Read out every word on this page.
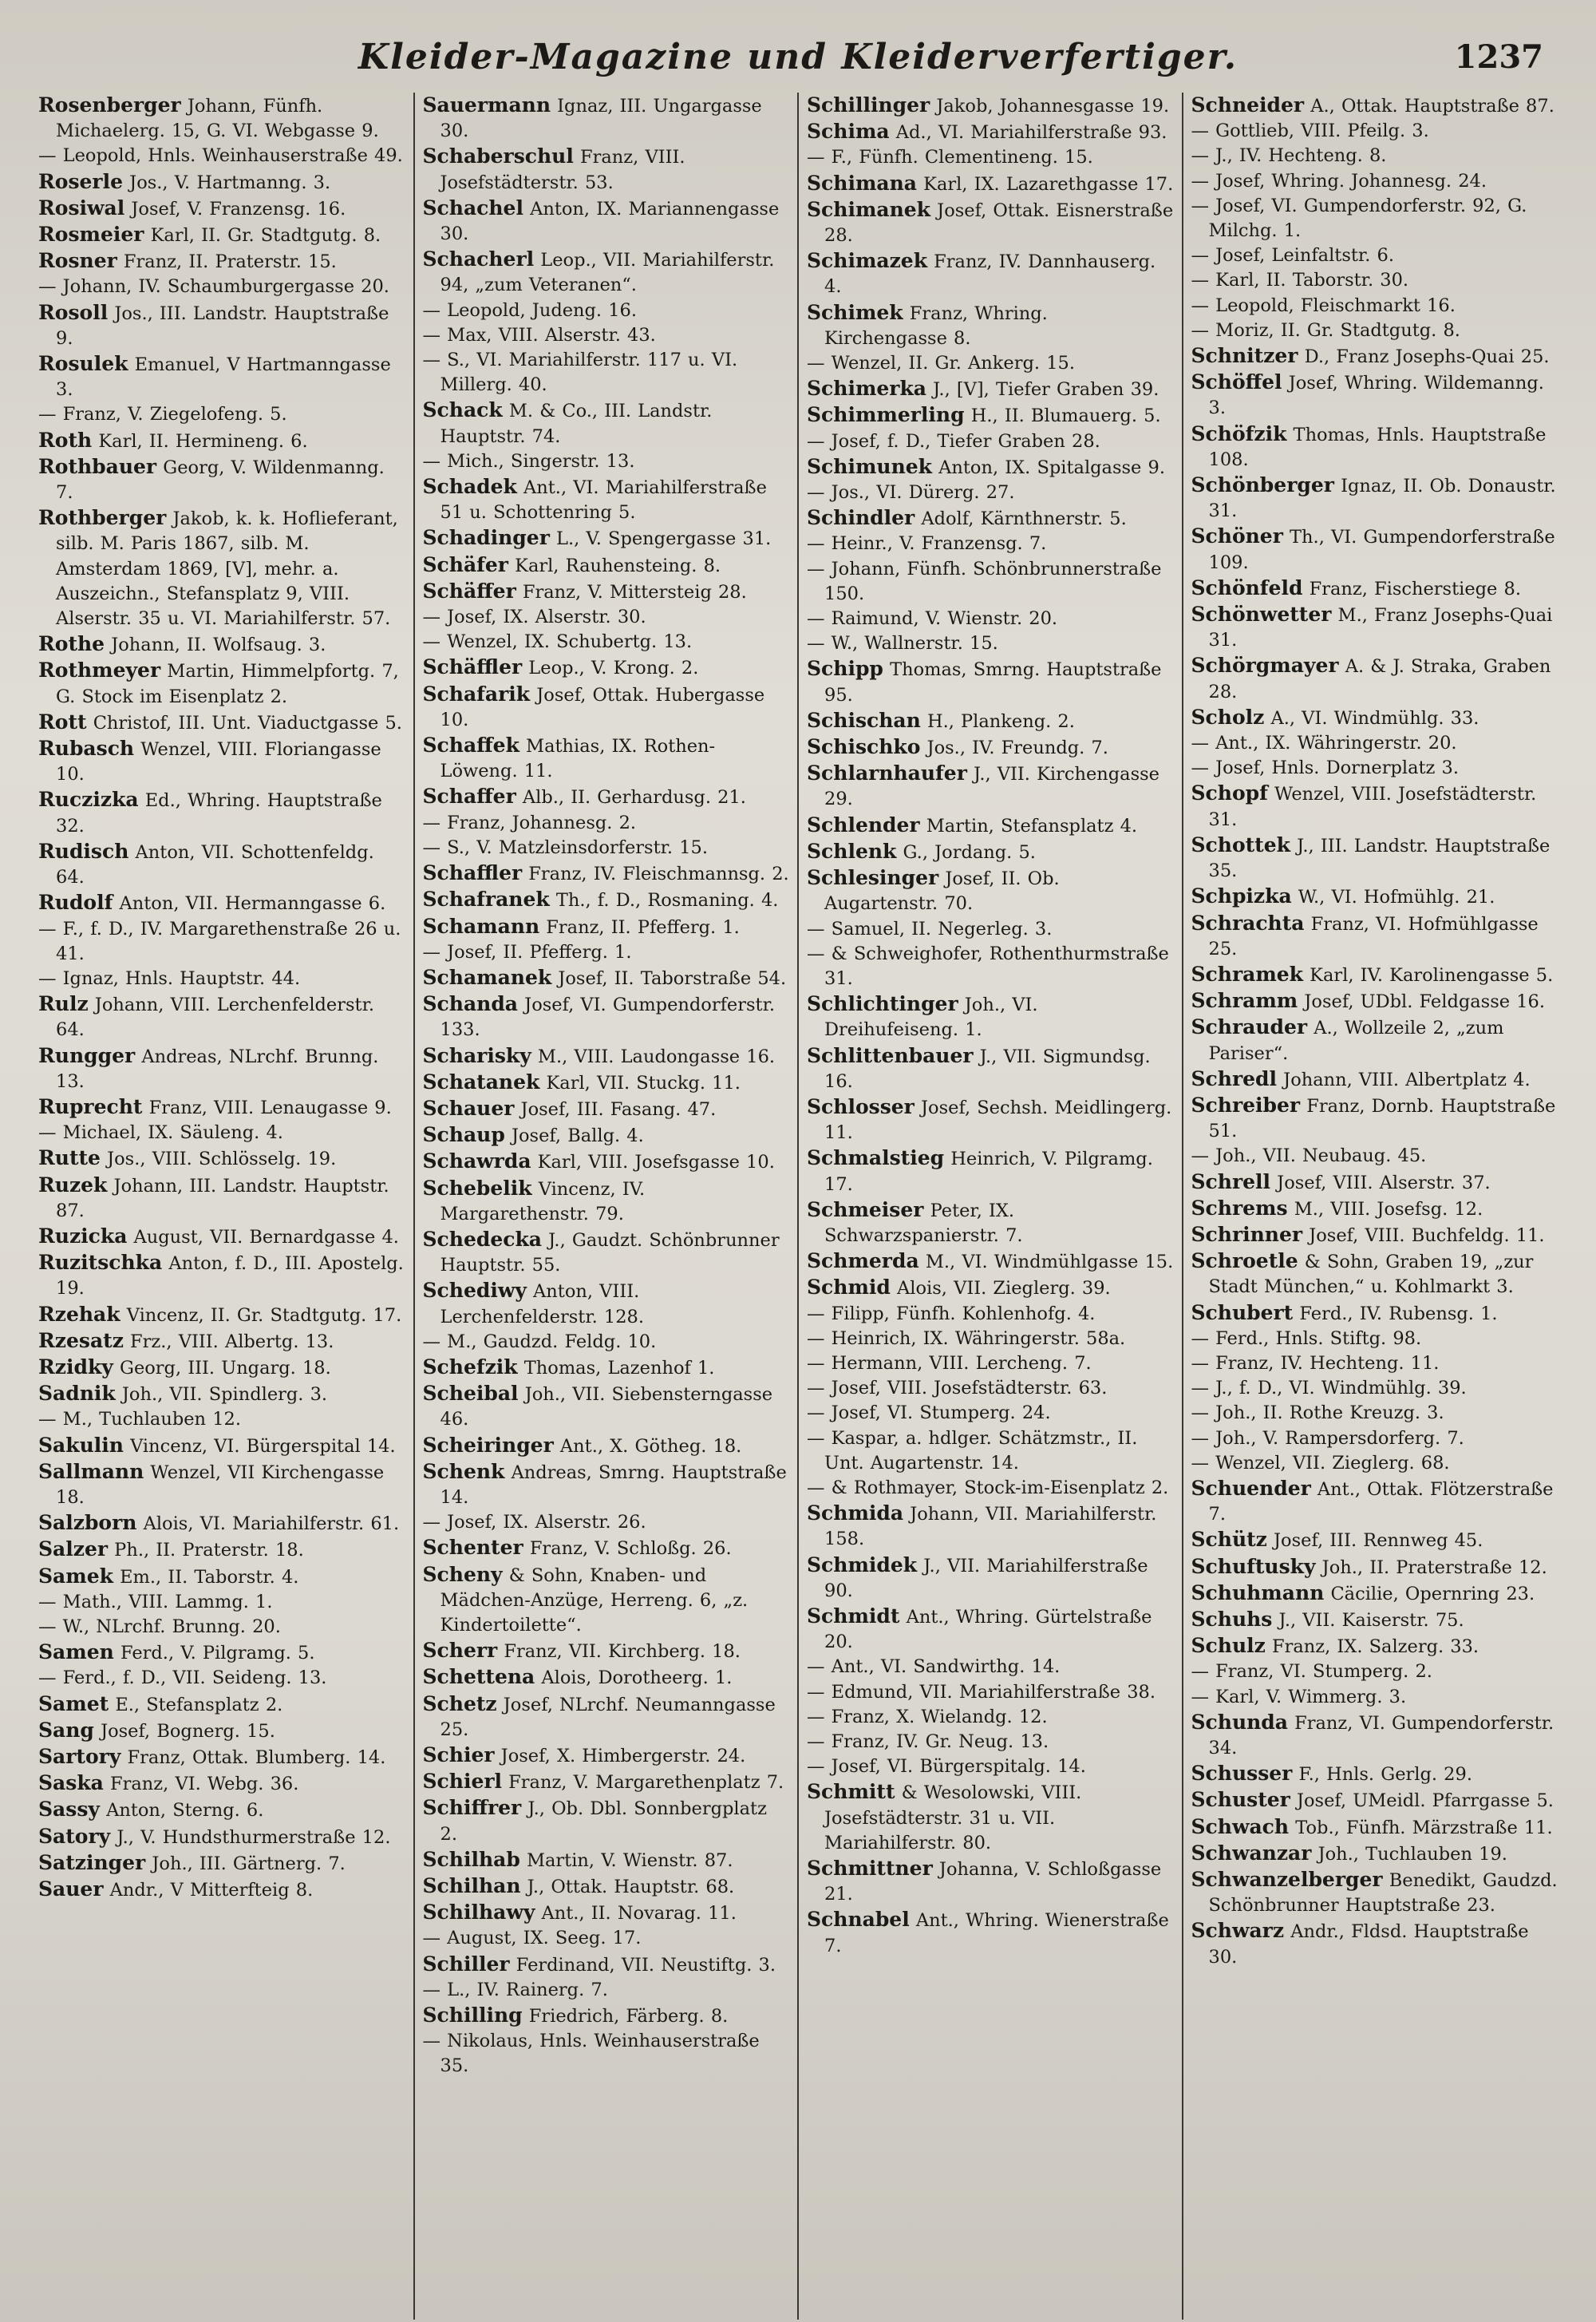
Kleider-Magazine und Kleiderverfertiger.	1237

Rosenberger Johann, Fünfh. Michaelerg. 15, G. VI. Webgasse 9.

— Leopold, Hnls. Weinhauserstraße 49.

Roserle Jos., V. Hartmanng. 3.

Rosiwal Josef, V. Franzensg. 16.

Rosmeier Karl, II. Gr. Stadtgutg. 8.

Rosner Franz, II. Praterstr. 15.

— Johann, IV. Schaumburgergasse 20.

Rosoll Jos., III. Landstr. Hauptstraße 9.

Rosulek Emanuel, V Hartmanngasse 3.

— Franz, V. Ziegelofeng. 5.

Roth Karl, II. Hermineng. 6.

Rothbauer Georg, V. Wildenmanng. 7.

Rothberger Jakob, k. k. Hoflieferant, silb. M. Paris 1867, silb. M. Amsterdam 1869, [V], mehr. a. Auszeichn., Stefansplatz 9, VIII. Alserstr. 35 u. VI. Mariahilferstr. 57.

Rothe Johann, II. Wolfsaug. 3.

Rothmeyer Martin, Himmelpfortg. 7, G. Stock im Eisenplatz 2.

Rott Christof, III. Unt. Viaductgasse 5.

Rubasch Wenzel, VIII. Floriangasse 10.

Ruczizka Ed., Whring. Hauptstraße 32.

Rudisch Anton, VII. Schottenfeldg. 64.

Rudolf Anton, VII. Hermanngasse 6.

— F., f. D., IV. Margarethenstraße 26 u. 41.

— Ignaz, Hnls. Hauptstr. 44.

Rulz Johann, VIII. Lerchenfelderstr. 64.

Rungger Andreas, NLrchf. Brunng. 13.

Ruprecht Franz, VIII. Lenaugasse 9.

— Michael, IX. Säuleng. 4.

Rutte Jos., VIII. Schlösselg. 19.

Ruzek Johann, III. Landstr. Hauptstr. 87.

Ruzicka August, VII. Bernardgasse 4.

Ruzitschka Anton, f. D., III. Apostelg. 19.

Rzehak Vincenz, II. Gr. Stadtgutg. 17.

Rzesatz Frz., VIII. Albertg. 13.

Rzidky Georg, III. Ungarg. 18.

Sadnik Joh., VII. Spindlerg. 3.

— M., Tuchlauben 12.

Sakulin Vincenz, VI. Bürgerspital 14.

Sallmann Wenzel, VII Kirchengasse 18.

Salzborn Alois, VI. Mariahilferstr. 61.

Salzer Ph., II. Praterstr. 18.

Samek Em., II. Taborstr. 4.

— Math., VIII. Lammg. 1.

— W., NLrchf. Brunng. 20.

Samen Ferd., V. Pilgramg. 5.

— Ferd., f. D., VII. Seideng. 13.

Samet E., Stefansplatz 2.

Sang Josef, Bognerg. 15.

Sartory Franz, Ottak. Blumberg. 14.

Saska Franz, VI. Webg. 36.

Sassy Anton, Sterng. 6.

Satory J., V. Hundsthurmerstraße 12.

Satzinger Joh., III. Gärtnerg. 7.

Sauer Andr., V Mitterfteig 8.

Sauermann Ignaz, III. Ungargasse 30.

Schaberschul Franz, VIII. Josefstädterstr. 53.

Schachel Anton, IX. Mariannengasse 30.

Schacherl Leop., VII. Mariahilferstr. 94, „zum Veteranen“.

— Leopold, Judeng. 16.

— Max, VIII. Alserstr. 43.

— S., VI. Mariahilferstr. 117 u. VI. Millerg. 40.

Schack M. & Co., III. Landstr. Hauptstr. 74.

— Mich., Singerstr. 13.

Schadek Ant., VI. Mariahilferstraße 51 u. Schottenring 5.

Schadinger L., V. Spengergasse 31.

Schäfer Karl, Rauhensteing. 8.

Schäffer Franz, V. Mittersteig 28.

— Josef, IX. Alserstr. 30.

— Wenzel, IX. Schubertg. 13.

Schäffler Leop., V. Krong. 2.

Schafarik Josef, Ottak. Hubergasse 10.

Schaffek Mathias, IX. Rothen-Löweng. 11.

Schaffer Alb., II. Gerhardusg. 21.

— Franz, Johannesg. 2.

— S., V. Matzleinsdorferstr. 15.

Schaffler Franz, IV. Fleischmannsg. 2.

Schafranek Th., f. D., Rosmaning. 4.

Schamann Franz, II. Pfefferg. 1.

— Josef, II. Pfefferg. 1.

Schamanek Josef, II. Taborstraße 54.

Schanda Josef, VI. Gumpendorferstr. 133.

Scharisky M., VIII. Laudongasse 16.

Schatanek Karl, VII. Stuckg. 11.

Schauer Josef, III. Fasang. 47.

Schaup Josef, Ballg. 4.

Schawrda Karl, VIII. Josefsgasse 10.

Schebelik Vincenz, IV. Margarethenstr. 79.

Schedecka J., Gaudzt. Schönbrunner Hauptstr. 55.

Schediwy Anton, VIII. Lerchenfelderstr. 128.

— M., Gaudzd. Feldg. 10.

Schefzik Thomas, Lazenhof 1.

Scheibal Joh., VII. Siebensterngasse 46.

Scheiringer Ant., X. Götheg. 18.

Schenk Andreas, Smrng. Hauptstraße 14.

— Josef, IX. Alserstr. 26.

Schenter Franz, V. Schloßg. 26.

Scheny & Sohn, Knaben- und Mädchen-Anzüge, Herreng. 6, „z. Kindertoilette“.

Scherr Franz, VII. Kirchberg. 18.

Schettena Alois, Dorotheerg. 1.

Schetz Josef, NLrchf. Neumanngasse 25.

Schier Josef, X. Himbergerstr. 24.

Schierl Franz, V. Margarethenplatz 7.

Schiffrer J., Ob. Dbl. Sonnbergplatz 2.

Schilhab Martin, V. Wienstr. 87.

Schilhan J., Ottak. Hauptstr. 68.

Schilhawy Ant., II. Novarag. 11.

— August, IX. Seeg. 17.

Schiller Ferdinand, VII. Neustiftg. 3.

— L., IV. Rainerg. 7.

Schilling Friedrich, Färberg. 8.

— Nikolaus, Hnls. Weinhauserstraße 35.

Schillinger Jakob, Johannesgasse 19.

Schima Ad., VI. Mariahilferstraße 93.

— F., Fünfh. Clementineng. 15.

Schimana Karl, IX. Lazarethgasse 17.

Schimanek Josef, Ottak. Eisnerstraße 28.

Schimazek Franz, IV. Dannhauserg. 4.

Schimek Franz, Whring. Kirchengasse 8.

— Wenzel, II. Gr. Ankerg. 15.

Schimerka J., [V], Tiefer Graben 39.

Schimmerling H., II. Blumauerg. 5.

— Josef, f. D., Tiefer Graben 28.

Schimunek Anton, IX. Spitalgasse 9.

— Jos., VI. Dürerg. 27.

Schindler Adolf, Kärnthnerstr. 5.

— Heinr., V. Franzensg. 7.

— Johann, Fünfh. Schönbrunnerstraße 150.

— Raimund, V. Wienstr. 20.

— W., Wallnerstr. 15.

Schipp Thomas, Smrng. Hauptstraße 95.

Schischan H., Plankeng. 2.

Schischko Jos., IV. Freundg. 7.

Schlarnhaufer J., VII. Kirchengasse 29.

Schlender Martin, Stefansplatz 4.

Schlenk G., Jordang. 5.

Schlesinger Josef, II. Ob. Augartenstr. 70.

— Samuel, II. Negerleg. 3.

— & Schweighofer, Rothenthurmstraße 31.

Schlichtinger Joh., VI. Dreihufeiseng. 1.

Schlittenbauer J., VII. Sigmundsg. 16.

Schlosser Josef, Sechsh. Meidlingerg. 11.

Schmalstieg Heinrich, V. Pilgramg. 17.

Schmeiser Peter, IX. Schwarzspanierstr. 7.

Schmerda M., VI. Windmühlgasse 15.

Schmid Alois, VII. Zieglerg. 39.

— Filipp, Fünfh. Kohlenhofg. 4.

— Heinrich, IX. Währingerstr. 58a.

— Hermann, VIII. Lercheng. 7.

— Josef, VIII. Josefstädterstr. 63.

— Josef, VI. Stumperg. 24.

— Kaspar, a. hdlger. Schätzmstr., II. Unt. Augartenstr. 14.

— & Rothmayer, Stock-im-Eisenplatz 2.

Schmida Johann, VII. Mariahilferstr. 158.

Schmidek J., VII. Mariahilferstraße 90.

Schmidt Ant., Whring. Gürtelstraße 20.

— Ant., VI. Sandwirthg. 14.

— Edmund, VII. Mariahilferstraße 38.

— Franz, X. Wielandg. 12.

— Franz, IV. Gr. Neug. 13.

— Josef, VI. Bürgerspitalg. 14.

Schmitt & Wesolowski, VIII. Josefstädterstr. 31 u. VII. Mariahilferstr. 80.

Schmittner Johanna, V. Schloßgasse 21.

Schnabel Ant., Whring. Wienerstraße 7.

Schneider A., Ottak. Hauptstraße 87.

— Gottlieb, VIII. Pfeilg. 3.

— J., IV. Hechteng. 8.

— Josef, Whring. Johannesg. 24.

— Josef, VI. Gumpendorferstr. 92, G. Milchg. 1.

— Josef, Leinfaltstr. 6.

— Karl, II. Taborstr. 30.

— Leopold, Fleischmarkt 16.

— Moriz, II. Gr. Stadtgutg. 8.

Schnitzer D., Franz Josephs-Quai 25.

Schöffel Josef, Whring. Wildemanng. 3.

Schöfzik Thomas, Hnls. Hauptstraße 108.

Schönberger Ignaz, II. Ob. Donaustr. 31.

Schöner Th., VI. Gumpendorferstraße 109.

Schönfeld Franz, Fischerstiege 8.

Schönwetter M., Franz Josephs-Quai 31.

Schörgmayer A. & J. Straka, Graben 28.

Scholz A., VI. Windmühlg. 33.

— Ant., IX. Währingerstr. 20.

— Josef, Hnls. Dornerplatz 3.

Schopf Wenzel, VIII. Josefstädterstr. 31.

Schottek J., III. Landstr. Hauptstraße 35.

Schpizka W., VI. Hofmühlg. 21.

Schrachta Franz, VI. Hofmühlgasse 25.

Schramek Karl, IV. Karolinengasse 5.

Schramm Josef, UDbl. Feldgasse 16.

Schrauder A., Wollzeile 2, „zum Pariser“.

Schredl Johann, VIII. Albertplatz 4.

Schreiber Franz, Dornb. Hauptstraße 51.

— Joh., VII. Neubaug. 45.

Schrell Josef, VIII. Alserstr. 37.

Schrems M., VIII. Josefsg. 12.

Schrinner Josef, VIII. Buchfeldg. 11.

Schroetle & Sohn, Graben 19, „zur Stadt München,“ u. Kohlmarkt 3.

Schubert Ferd., IV. Rubensg. 1.

— Ferd., Hnls. Stiftg. 98.

— Franz, IV. Hechteng. 11.

— J., f. D., VI. Windmühlg. 39.

— Joh., II. Rothe Kreuzg. 3.

— Joh., V. Rampersdorferg. 7.

— Wenzel, VII. Zieglerg. 68.

Schuender Ant., Ottak. Flötzerstraße 7.

Schütz Josef, III. Rennweg 45.

Schuftusky Joh., II. Praterstraße 12.

Schuhmann Cäcilie, Opernring 23.

Schuhs J., VII. Kaiserstr. 75.

Schulz Franz, IX. Salzerg. 33.

— Franz, VI. Stumperg. 2.

— Karl, V. Wimmerg. 3.

Schunda Franz, VI. Gumpendorferstr. 34.

Schusser F., Hnls. Gerlg. 29.

Schuster Josef, UMeidl. Pfarrgasse 5.

Schwach Tob., Fünfh. Märzstraße 11.

Schwanzar Joh., Tuchlauben 19.

Schwanzelberger Benedikt, Gaudzd. Schönbrunner Hauptstraße 23.

Schwarz Andr., Fldsd. Hauptstraße 30.
